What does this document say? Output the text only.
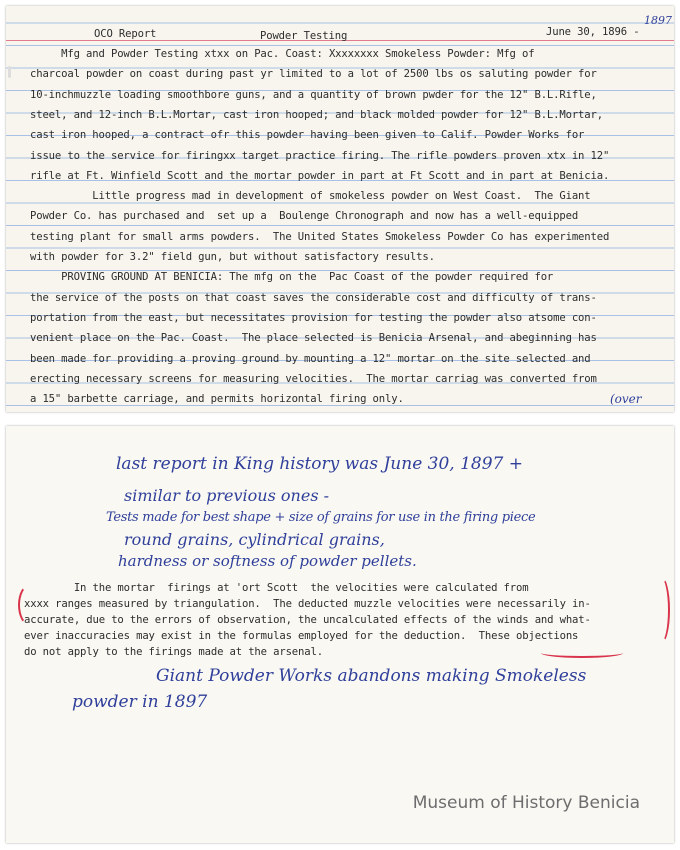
OCO Report	Powder Testing	June 30, 1896 -
1897
Mfg and Powder Testing xtxx on Pac. Coast: Xxxxxxxx Smokeless Powder: Mfg of
charcoal powder on coast during past yr limited to a lot of 2500 lbs os saluting powder for
10-inchmuzzle loading smoothbore guns, and a quantity of brown pwder for the 12" B.L.Rifle,
steel, and 12-inch B.L.Mortar, cast iron hooped; and black molded powder for 12" B.L.Mortar,
cast iron hooped, a contract ofr this powder having been given to Calif. Powder Works for
issue to the service for firingxx target practice firing. The rifle powders proven xtx in 12"
rifle at Ft. Winfield Scott and the mortar powder in part at Ft Scott and in part at Benicia.
Little progress mad in development of smokeless powder on West Coast.  The Giant
Powder Co. has purchased and  set up a  Boulenge Chronograph and now has a well-equipped
testing plant for small arms powders.  The United States Smokeless Powder Co has experimented
with powder for 3.2" field gun, but without satisfactory results.
PROVING GROUND AT BENICIA: The mfg on the  Pac Coast of the powder required for
the service of the posts on that coast saves the considerable cost and difficulty of trans-
portation from the east, but necessitates provision for testing the powder also atsome con-
venient place on the Pac. Coast.  The place selected is Benicia Arsenal, and abeginning has
been made for providing a proving ground by mounting a 12" mortar on the site selected and
erecting necessary screens for measuring velocities.  The mortar carriag was converted from
a 15" barbette carriage, and permits horizontal firing only.	(over
last report in King history was June 30, 1897 +
similar to previous ones -
Tests made for best shape + size of grains for use in the firing piece
round grains, cylindrical grains,
hardness or softness of powder pellets.
In the mortar  firings at 'ort Scott  the velocities were calculated from
xxxx ranges measured by triangulation.  The deducted muzzle velocities were necessarily in-
accurate, due to the errors of observation, the uncalculated effects of the winds and what-
ever inaccuracies may exist in the formulas employed for the deduction.  These objections
do not apply to the firings made at the arsenal.
Giant Powder Works abandons making Smokeless
powder in 1897
Museum of History Benicia
